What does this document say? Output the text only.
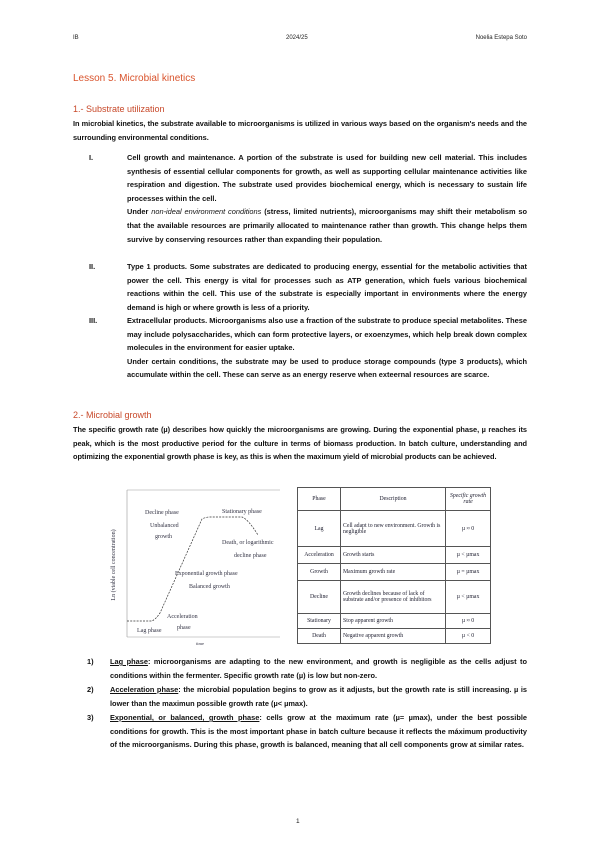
IB	2024/25	Noelia Estepa Soto
Lesson 5. Microbial kinetics
1.- Substrate utilization
In microbial kinetics, the substrate available to microorganisms is utilized in various ways based on the organism's needs and the surrounding environmental conditions.
I.	Cell growth and maintenance. A portion of the substrate is used for building new cell material. This includes synthesis of essential cellular components for growth, as well as supporting cellular maintenance activities like respiration and digestion. The substrate used provides biochemical energy, which is necessary to sustain life processes within the cell.
Under non-ideal environment conditions (stress, limited nutrients), microorganisms may shift their metabolism so that the available resources are primarily allocated to maintenance rather than growth. This change helps them survive by conserving resources rather than expanding their population.
II.	Type 1 products. Some substrates are dedicated to producing energy, essential for the metabolic activities that power the cell. This energy is vital for processes such as ATP generation, which fuels various biochemical reactions within the cell. This use of the substrate is especially important in environments where the energy demand is high or where growth is less of a priority.
III.	Extracellular products. Microorganisms also use a fraction of the substrate to produce special metabolites. These may include polysaccharides, which can form protective layers, or exoenzymes, which help break down complex molecules in the environment for easier uptake.
Under certain conditions, the substrate may be used to produce storage compounds (type 3 products), which accumulate within the cell. These can serve as an energy reserve when exteernal resources are scarce.
2.- Microbial growth
The specific growth rate (µ) describes how quickly the microorganisms are growing. During the exponential phase, µ reaches its peak, which is the most productive period for the culture in terms of biomass production. In batch culture, understanding and optimizing the exponential growth phase is key, as this is when the maximum yield of microbial products can be achieved.
Ln (viable cell concentration)
time
Decline phase
Unbalanced
growth
Stationary phase
Death, or logarithmic
decline phase
Exponential growth phase
Balanced growth
Acceleration
phase
Lag phase
Phase	Description	Specific growth rate
Lag	Cell adapt to new environment. Growth is negligible	µ ≈ 0
Acceleration	Growth starts	µ < µmax
Growth	Maximum growth rate	µ = µmax
Decline	Growth declines because of lack of substrate and/or presence of inhibitors	µ < µmax
Stationary	Stop apparent growth	µ ≈ 0
Death	Negative apparent growth	µ < 0
1) Lag phase: microorganisms are adapting to the new environment, and growth is negligible as the cells adjust to conditions within the fermenter. Specific growth rate (µ) is low but non-zero.
2) Acceleration phase: the microbial population begins to grow as it adjusts, but the growth rate is still increasing. µ is lower than the maximun possible growth rate (µ< µmax).
3) Exponential, or balanced, growth phase: cells grow at the maximum rate (µ= µmax), under the best possible conditions for growth. This is the most important phase in batch culture because it reflects the máximum productivity of the microorganisms. During this phase, growth is balanced, meaning that all cell components grow at similar rates.
1
